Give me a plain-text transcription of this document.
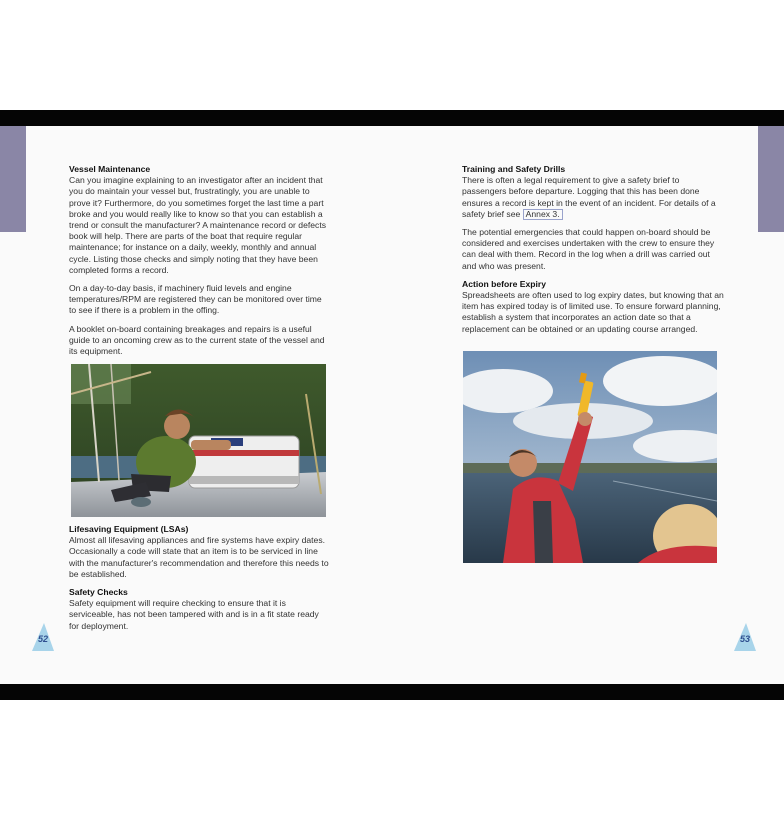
Vessel Maintenance

Can you imagine explaining to an investigator after an incident that you do maintain your vessel but, frustratingly, you are unable to prove it? Furthermore, do you sometimes forget the last time a part broke and you would really like to know so that you can establish a trend or consult the manufacturer? A maintenance record or defects book will help. There are parts of the boat that require regular maintenance; for instance on a daily, weekly, monthly and annual cycle. Listing those checks and simply noting that they have been completed forms a record.

On a day-to-day basis, if machinery fluid levels and engine temperatures/RPM are registered they can be monitored over time to see if there is a problem in the offing.

A booklet on-board containing breakages and repairs is a useful guide to an oncoming crew as to the current state of the vessel and its equipment.

Lifesaving Equipment (LSAs)

Almost all lifesaving appliances and fire systems have expiry dates. Occasionally a code will state that an item is to be serviced in line with the manufacturer's recommendation and therefore this needs to be established.

Safety Checks

Safety equipment will require checking to ensure that it is serviceable, has not been tampered with and is in a fit state ready for deployment.

52
Training and Safety Drills

There is often a legal requirement to give a safety brief to passengers before departure. Logging that this has been done ensures a record is kept in the event of an incident. For details of a safety brief see Annex 3.

The potential emergencies that could happen on-board should be considered and exercises undertaken with the crew to ensure they can deal with them. Record in the log when a drill was carried out and who was present.

Action before Expiry

Spreadsheets are often used to log expiry dates, but knowing that an item has expired today is of limited use. To ensure forward planning, establish a system that incorporates an action date so that a replacement can be obtained or an updating course arranged.

53
